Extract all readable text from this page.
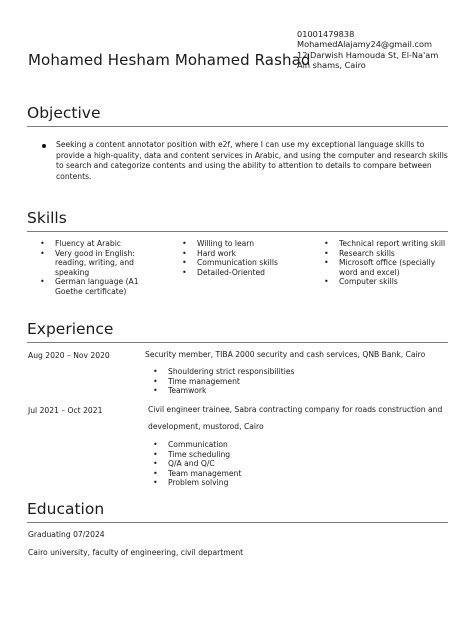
Mohamed Hesham Mohamed Rashad
01001479838
MohamedAlajamy24@gmail.com
12 Darwish Hamouda St, El-Na'am
Ain shams, Cairo
Objective
Seeking a content annotator position with e2f, where I can use my exceptional language skills to provide a high-quality, data and content services in Arabic, and using the computer and research skills to search and categorize contents and using the ability to attention to details to compare between contents.
Skills
• Fluency at Arabic
• Very good in English: reading, writing, and speaking
• German language (A1 Goethe certificate)
• Willing to learn
• Hard work
• Communication skills
• Detailed-Oriented
• Technical report writing skill
• Research skills
• Microsoft office (specially word and excel)
• Computer skills
Experience
Aug 2020 – Nov 2020	Security member, TIBA 2000 security and cash services, QNB Bank, Cairo
• Shouldering strict responsibilities
• Time management
• Teamwork
Jul 2021 – Oct 2021	Civil engineer trainee, Sabra contracting company for roads construction and development, mustorod, Cairo
• Communication
• Time scheduling
• Q/A and Q/C
• Team management
• Problem solving
Education
Graduating 07/2024
Cairo university, faculty of engineering, civil department
